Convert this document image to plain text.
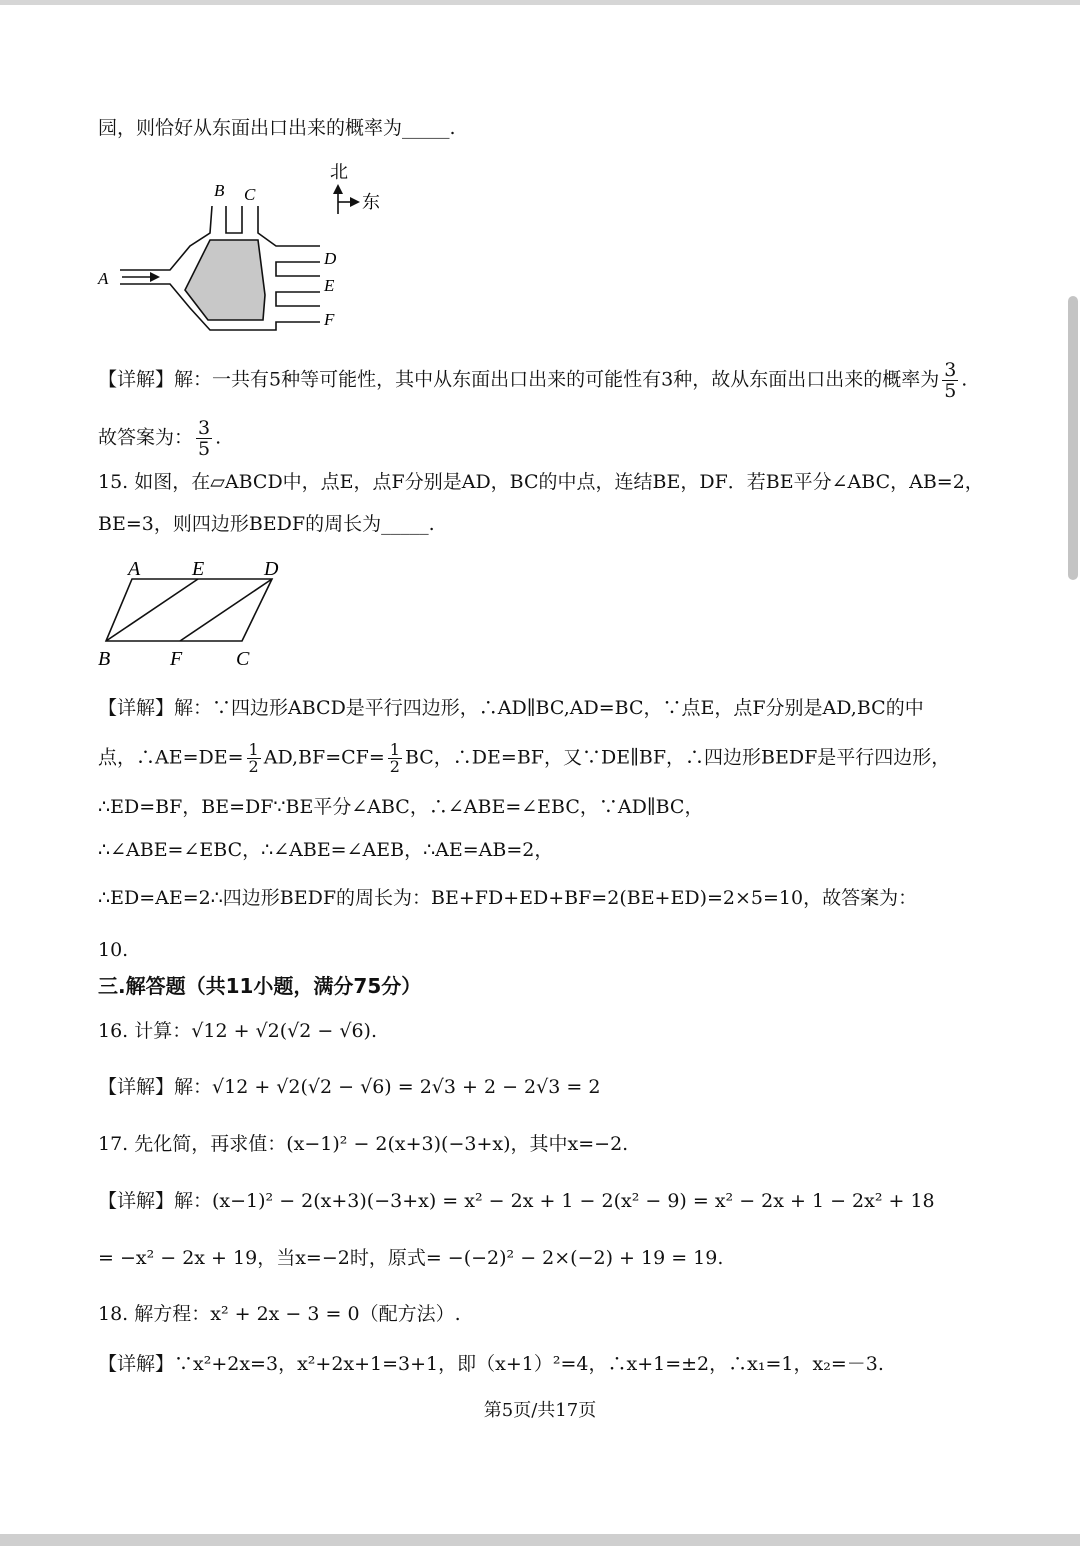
园，则恰好从东面出口出来的概率为_____.
北
东
A
B C
D
E
F
【详解】解：一共有5种等可能性，其中从东面出口出来的可能性有3种，故从东面出口出来的概率为 $\frac{3}{5}$ .
故答案为： $\frac{3}{5}$ .
15. 如图，在▱ABCD中，点E，点F分别是AD，BC的中点，连结BE，DF．若BE平分∠ABC，AB=2，
BE=3，则四边形BEDF的周长为_____.
A	E	D
B	F	C
【详解】解：∵四边形ABCD是平行四边形，∴AD∥BC,AD=BC，∵点E，点F分别是AD,BC的中
点，∴AE=DE= $\frac{1}{2} AD,BF=CF= \frac{1}{2}$ BC，∴DE=BF，又∵DE∥BF，∴四边形BEDF是平行四边形，
∴ED=BF，BE=DF∵BE平分∠ABC，∴∠ABE=∠EBC，∵AD∥BC，
∴∠ABE=∠EBC，∴∠ABE=∠AEB，∴AE=AB=2，
∴ED=AE=2∴四边形BEDF的周长为：BE+FD+ED+BF=2(BE+ED)=2×5=10，故答案为：
10.
三.解答题（共11小题，满分75分）
16. 计算：√12 + √2(√2 − √6).
【详解】解：√12 + √2(√2 − √6) = 2√3 + 2 − 2√3 = 2
17. 先化简，再求值：(x−1)² − 2(x+3)(−3+x)，其中x=−2.
【详解】解：(x−1)² − 2(x+3)(−3+x) = x² − 2x + 1 − 2(x² − 9) = x² − 2x + 1 − 2x² + 18
= −x² − 2x + 19，当x=−2时，原式= −(−2)² − 2×(−2) + 19 = 19.
18. 解方程：x² + 2x − 3 = 0（配方法）.
【详解】∵x²+2x=3，x²+2x+1=3+1，即（x+1）²=4，∴x+1=±2，∴x₁=1，x₂=－3.
第5页/共17页
